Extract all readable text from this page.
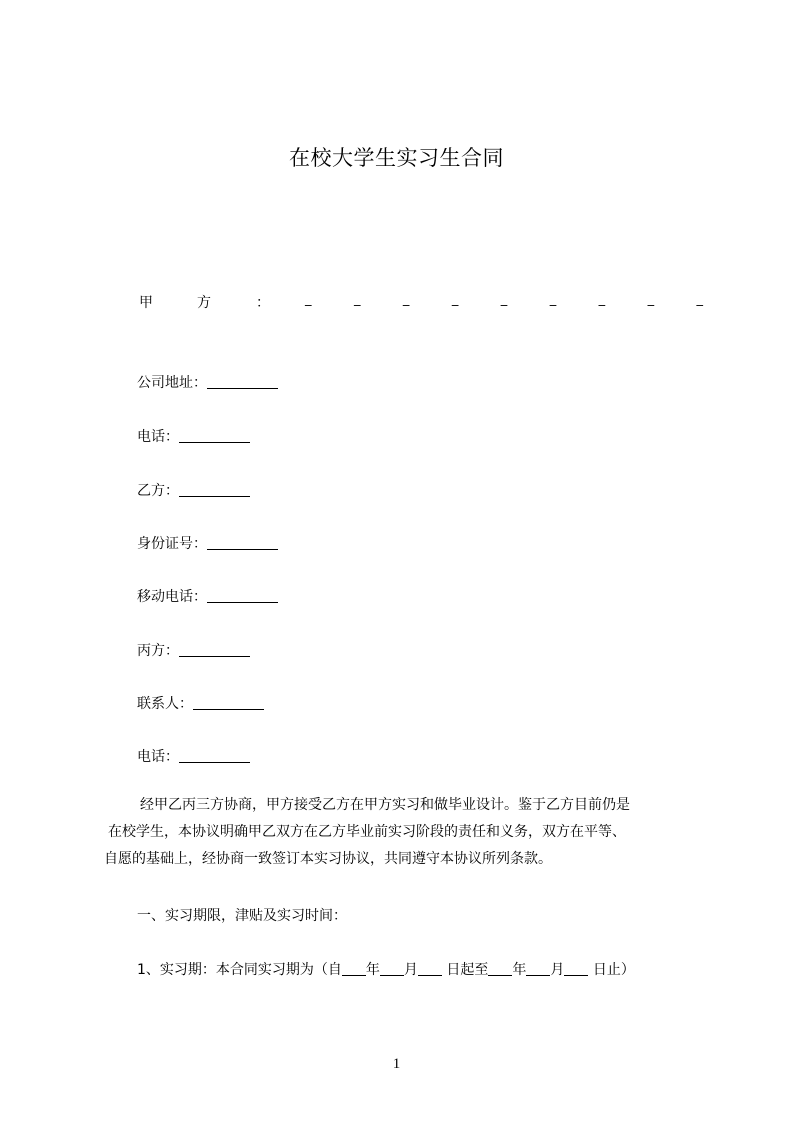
在校大学生实习生合同
甲	方	：	_	_	_	_	_	_	_	_	_
公司地址：
电话：
乙方：
身份证号：
移动电话：
丙方：
联系人：
电话：
经甲乙丙三方协商，甲方接受乙方在甲方实习和做毕业设计。鉴于乙方目前仍是
在校学生，本协议明确甲乙双方在乙方毕业前实习阶段的责任和义务，双方在平等、
自愿的基础上，经协商一致签订本实习协议，共同遵守本协议所列条款。
一、实习期限，津贴及实习时间：
1、实习期：本合同实习期为（自 年 月 日起至 年 月 日止）
1
